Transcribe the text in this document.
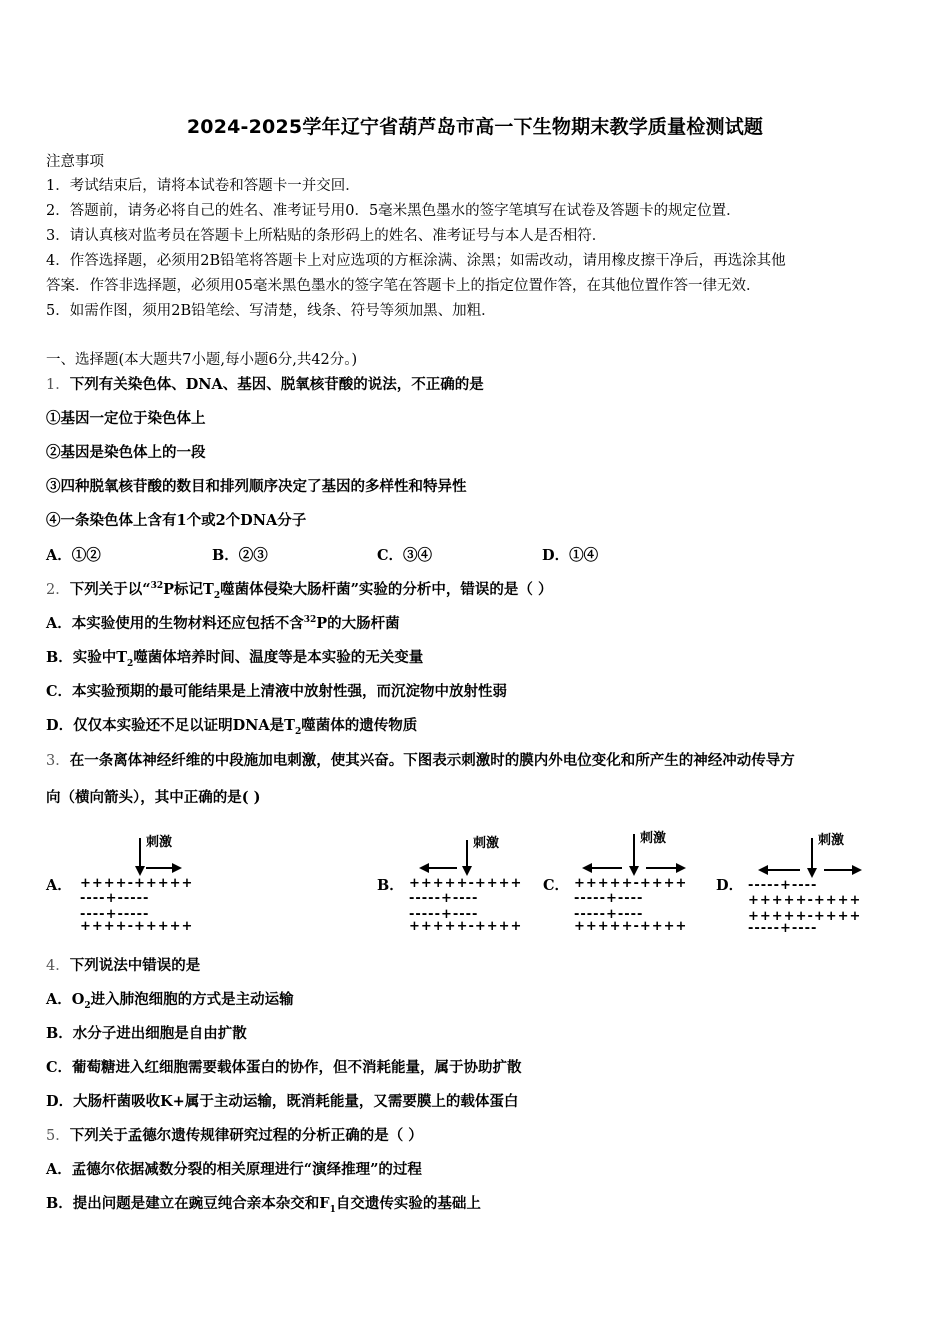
2024-2025学年辽宁省葫芦岛市高一下生物期末教学质量检测试题
注意事项
1．考试结束后，请将本试卷和答题卡一并交回．
2．答题前，请务必将自己的姓名、准考证号用0．5毫米黑色墨水的签字笔填写在试卷及答题卡的规定位置．
3．请认真核对监考员在答题卡上所粘贴的条形码上的姓名、准考证号与本人是否相符．
4．作答选择题，必须用2B铅笔将答题卡上对应选项的方框涂满、涂黑；如需改动，请用橡皮擦干净后，再选涂其他
答案．作答非选择题，必须用05毫米黑色墨水的签字笔在答题卡上的指定位置作答，在其他位置作答一律无效．
5．如需作图，须用2B铅笔绘、写清楚，线条、符号等须加黑、加粗．
一、选择题(本大题共7小题,每小题6分,共42分。)
1．下列有关染色体、DNA、基因、脱氧核苷酸的说法，不正确的是
①基因一定位于染色体上
②基因是染色体上的一段
③四种脱氧核苷酸的数目和排列顺序决定了基因的多样性和特异性
④一条染色体上含有1个或2个DNA分子
A．①②	B．②③	C．③④	D．①④
2．下列关于以“$^{32}$P标记$T_2$噬菌体侵染大肠杆菌”实验的分析中，错误的是（ ）
A．本实验使用的生物材料还应包括不含$^{32}$P的大肠杆菌
B．实验中$T_2$噬菌体培养时间、温度等是本实验的无关变量
C．本实验预期的最可能结果是上清液中放射性强，而沉淀物中放射性弱
D．仅仅本实验还不足以证明DNA是$T_2$噬菌体的遗传物质
3．在一条离体神经纤维的中段施加电刺激，使其兴奋。下图表示刺激时的膜内外电位变化和所产生的神经冲动传导方
向（横向箭头），其中正确的是( )
A．
刺激
++++-+++++
----+-----
----+-----
++++-+++++
B．
刺激
+++++-++++
-----+----
-----+----
+++++-++++
C．
刺激
+++++-++++
-----+----
-----+----
+++++-++++
D．
刺激
-----+----
+++++-++++
+++++-++++
-----+----
4．下列说法中错误的是
A．$O_2$进入肺泡细胞的方式是主动运输
B．水分子进出细胞是自由扩散
C．葡萄糖进入红细胞需要载体蛋白的协作，但不消耗能量，属于协助扩散
D．大肠杆菌吸收K+属于主动运输，既消耗能量，又需要膜上的载体蛋白
5．下列关于孟德尔遗传规律研究过程的分析正确的是（ ）
A．孟德尔依据减数分裂的相关原理进行“演绎推理”的过程
B．提出问题是建立在豌豆纯合亲本杂交和$F_1$自交遗传实验的基础上
